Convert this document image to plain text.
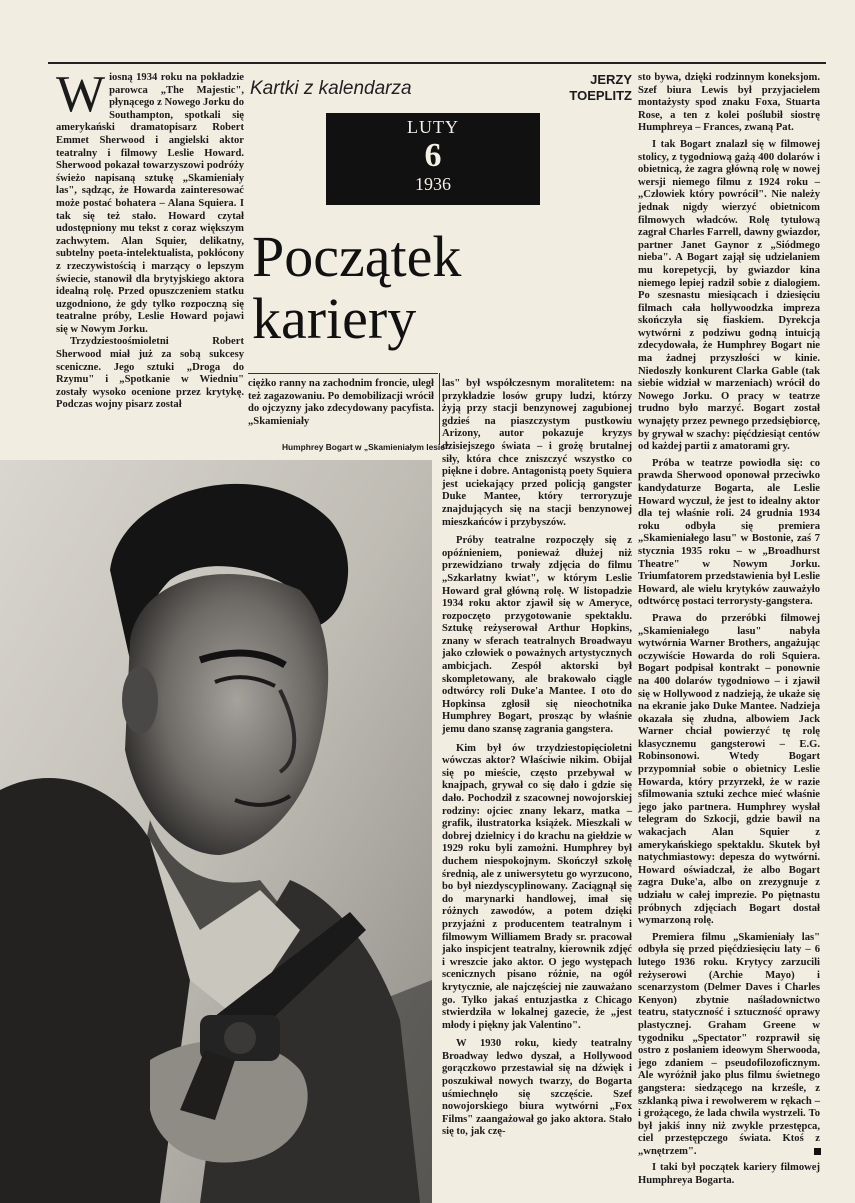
Wiosną 1934 roku na pokładzie parowca „The Majestic", płynącego z Nowego Jorku do Southampton, spotkali się amerykański dramatopisarz Robert Emmet Sherwood i angielski aktor teatralny i filmowy Leslie Howard. Sherwood pokazał towarzyszowi podróży świeżo napisaną sztukę „Skamieniały las", sądząc, że Howarda zainteresować może postać bohatera – Alana Squiera. I tak się też stało. Howard czytał udostępniony mu tekst z coraz większym zachwytem. Alan Squier, delikatny, subtelny poeta-intelektualista, pokłócony z rzeczywistością i marzący o lepszym świecie, stanowił dla brytyjskiego aktora idealną rolę. Przed opuszczeniem statku uzgodniono, że gdy tylko rozpoczną się teatralne próby, Leslie Howard pojawi się w Nowym Jorku.

Trzydziestoośmioletni Robert Sherwood miał już za sobą sukcesy sceniczne. Jego sztuki „Droga do Rzymu" i „Spotkanie w Wiedniu" zostały wysoko ocenione przez krytykę. Podczas wojny pisarz został

Kartki z kalendarza	JERZY
TOEPLITZ
LUTY
6
1936
Początek
kariery

ciężko ranny na zachodnim froncie, uległ też zagazowaniu. Po demobilizacji wrócił do ojczyzny jako zdecydowany pacyfista. „Skamieniały

Humphrey Bogart w „Skamieniałym lesie"

las" był współczesnym moralitetem: na przykładzie losów grupy ludzi, którzy żyją przy stacji benzynowej zagubionej gdzieś na piaszczystym pustkowiu Arizony, autor pokazuje kryzys dzisiejszego świata – i grożę brutalnej siły, która chce zniszczyć wszystko co piękne i dobre. Antagonistą poety Squiera jest uciekający przed policją gangster Duke Mantee, który terroryzuje znajdujących się na stacji benzynowej mieszkańców i przybyszów.

Próby teatralne rozpoczęły się z opóźnieniem, ponieważ dłużej niż przewidziano trwały zdjęcia do filmu „Szkarłatny kwiat", w którym Leslie Howard grał główną rolę. W listopadzie 1934 roku aktor zjawił się w Ameryce, rozpoczęto przygotowanie spektaklu. Sztukę reżyserował Arthur Hopkins, znany w sferach teatralnych Broadwayu jako człowiek o poważnych artystycznych ambicjach. Zespół aktorski był skompletowany, ale brakowało ciągle odtwórcy roli Duke'a Mantee. I oto do Hopkinsa zgłosił się nieochotnika Humphrey Bogart, prosząc by właśnie jemu dano szansę zagrania gangstera.

Kim był ów trzydziestopięcioletni wówczas aktor? Właściwie nikim. Obijał się po mieście, często przebywał w knajpach, grywał co się dało i gdzie się dało. Pochodził z szacownej nowojorskiej rodziny: ojciec znany lekarz, matka – grafik, ilustratorka książek. Mieszkali w dobrej dzielnicy i do krachu na giełdzie w 1929 roku byli zamożni. Humphrey był duchem niespokojnym. Skończył szkołę średnią, ale z uniwersytetu go wyrzucono, bo był niezdyscyplinowany. Zaciągnął się do marynarki handlowej, imał się różnych zawodów, a potem dzięki przyjaźni z producentem teatralnym i filmowym Williamem Brady sr. pracował jako inspicjent teatralny, kierownik zdjęć i wreszcie jako aktor. O jego występach scenicznych pisano różnie, na ogół krytycznie, ale najczęściej nie zauważano go. Tylko jakaś entuzjastka z Chicago stwierdziła w lokalnej gazecie, że „jest młody i piękny jak Valentino".

W 1930 roku, kiedy teatralny Broadway ledwo dyszał, a Hollywood gorączkowo przestawiał się na dźwięk i poszukiwał nowych twarzy, do Bogarta uśmiechnęło się szczęście. Szef nowojorskiego biura wytwórni „Fox Films" zaangażował go jako aktora. Stało się to, jak czę-

sto bywa, dzięki rodzinnym koneksjom. Szef biura Lewis był przyjacielem montażysty spod znaku Foxa, Stuarta Rose, a ten z kolei poślubił siostrę Humphreya – Frances, zwaną Pat.

I tak Bogart znalazł się w filmowej stolicy, z tygodniową gażą 400 dolarów i obietnicą, że zagra główną rolę w nowej wersji niemego filmu z 1924 roku – „Człowiek który powrócił". Nie należy jednak nigdy wierzyć obietnicom filmowych władców. Rolę tytułową zagrał Charles Farrell, dawny gwiazdor, partner Janet Gaynor z „Siódmego nieba". A Bogart zajął się udzielaniem mu korepetycji, by gwiazdor kina niemego lepiej radził sobie z dialogiem. Po szesnastu miesiącach i dziesięciu filmach cała hollywoodzka impreza skończyła się fiaskiem. Dyrekcja wytwórni z podziwu godną intuicją zdecydowała, że Humphrey Bogart nie ma żadnej przyszłości w kinie. Niedoszły konkurent Clarka Gable (tak siebie widział w marzeniach) wrócił do Nowego Jorku. O pracy w teatrze trudno było marzyć. Bogart został wynajęty przez pewnego przedsiębiorcę, by grywał w szachy: pięćdziesiąt centów od każdej partii z amatorami gry.

Próba w teatrze powiodła się: co prawda Sherwood oponował przeciwko kandydaturze Bogarta, ale Leslie Howard wyczuł, że jest to idealny aktor dla tej właśnie roli. 24 grudnia 1934 roku odbyła się premiera „Skamieniałego lasu" w Bostonie, zaś 7 stycznia 1935 roku – w „Broadhurst Theatre" w Nowym Jorku. Triumfatorem przedstawienia był Leslie Howard, ale wielu krytyków zauważyło odtwórcę postaci terrorysty-gangstera.

Prawa do przeróbki filmowej „Skamieniałego lasu" nabyła wytwórnia Warner Brothers, angażując oczywiście Howarda do roli Squiera. Bogart podpisał kontrakt – ponownie na 400 dolarów tygodniowo – i zjawił się w Hollywood z nadzieją, że ukaże się na ekranie jako Duke Mantee. Nadzieja okazała się złudna, albowiem Jack Warner chciał powierzyć tę rolę klasycznemu gangsterowi – E.G. Robinsonowi. Wtedy Bogart przypomniał sobie o obietnicy Leslie Howarda, który przyrzekł, że w razie sfilmowania sztuki zechce mieć właśnie jego jako partnera. Humphrey wysłał telegram do Szkocji, gdzie bawił na wakacjach Alan Squier z amerykańskiego spektaklu. Skutek był natychmiastowy: depesza do wytwórni. Howard oświadczał, że albo Bogart zagra Duke'a, albo on zrezygnuje z udziału w całej imprezie. Po piętnastu próbnych zdjęciach Bogart dostał wymarzoną rolę.

Premiera filmu „Skamieniały las" odbyła się przed pięćdziesięciu laty – 6 lutego 1936 roku. Krytycy zarzucili reżyserowi (Archie Mayo) i scenarzystom (Delmer Daves i Charles Kenyon) zbytnie naśladownictwo teatru, statyczność i sztuczność oprawy plastycznej. Graham Greene w tygodniku „Spectator" rozprawił się ostro z posłaniem ideowym Sherwooda, jego zdaniem – pseudofilozoficznym. Ale wyróżnił jako plus filmu świetnego gangstera: siedzącego na krześle, z szklanką piwa i rewolwerem w rękach – i grożącego, że lada chwila wystrzeli. To był jakiś inny niż zwykle przestępca, ciel przestępczego świata. Ktoś z „wnętrzem".

I taki był początek kariery filmowej Humphreya Bogarta.
